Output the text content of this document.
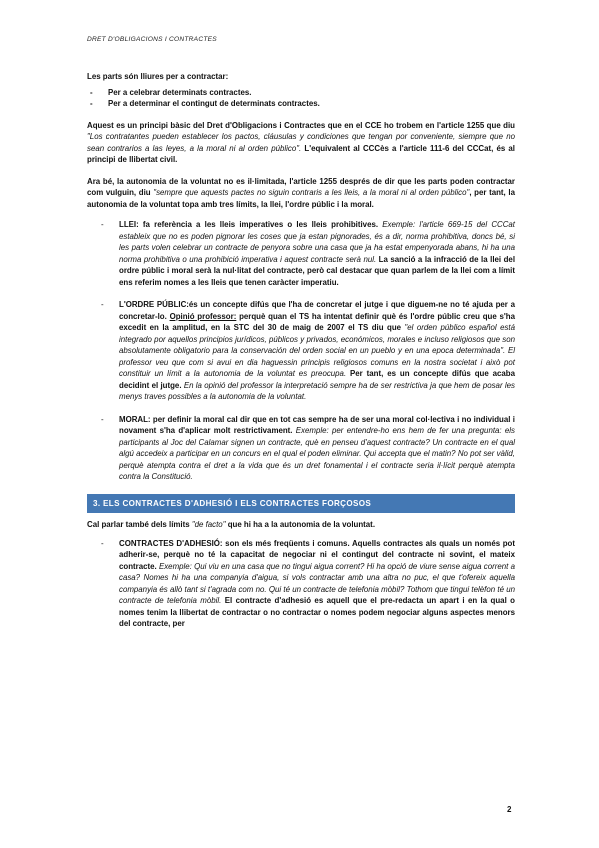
DRET D'OBLIGACIONS I CONTRACTES

Les parts són lliures per a contractar:

- Per a celebrar determinats contractes.
- Per a determinar el contingut de determinats contractes.

Aquest es un principi bàsic del Dret d'Obligacions i Contractes que en el CCE ho trobem en l'article 1255 que diu "Los contratantes pueden establecer los pactos, cláusulas y condiciones que tengan por conveniente, siempre que no sean contrarios a las leyes, a la moral ni al orden público". L'equivalent al CCCès a l'article 111-6 del CCCat, és al principi de llibertat civil.

Ara bé, la autonomia de la voluntat no es il·limitada, l'article 1255 després de dir que les parts poden contractar com vulguin, diu "sempre que aquests pactes no siguin contraris a les lleis, a la moral ni al orden público", per tant, la autonomia de la voluntat topa amb tres límits, la llei, l'ordre públic i la moral.

- LLEI: fa referència a les lleis imperatives o les lleis prohibitives. Exemple: l'article 669-15 del CCCat estableix que no es poden pignorar les coses que ja estan pignorades, és a dir, norma prohibitiva, doncs bé, si les parts volen celebrar un contracte de penyora sobre una casa que ja ha estat empenyorada abans, hi ha una norma prohibitiva o una prohibició imperativa i aquest contracte serà nul. La sanció a la infracció de la llei del ordre públic i moral serà la nul·litat del contracte, però cal destacar que quan parlem de la llei com a límit ens referim nomes a les lleis que tenen caràcter imperatiu.
- L'ORDRE PÚBLIC:és un concepte difús que l'ha de concretar el jutge i que diguem-ne no té ajuda per a concretar-lo. Opinió professor: perquè quan el TS ha intentat definir què és l'ordre públic creu que s'ha excedit en la amplitud, en la STC del 30 de maig de 2007 el TS diu que "el orden público español está integrado por aquellos principios jurídicos, públicos y privados, económicos, morales e incluso religiosos que son absolutamente obligatorio para la conservación del orden social en un pueblo y en una epoca determinada". El professor veu que com si avui en dia haguessin principis religiosos comuns en la nostra societat i això pot constituir un límit a la autonomia de la voluntat es preocupa. Per tant, es un concepte difús que acaba decidint el jutge. En la opinió del professor la interpretació sempre ha de ser restrictiva ja que hem de posar les menys traves possibles a la autonomia de la voluntat.
- MORAL: per definir la moral cal dir que en tot cas sempre ha de ser una moral col·lectiva i no individual i novament s'ha d'aplicar molt restrictivament. Exemple: per entendre-ho ens hem de fer una pregunta: els participants al Joc del Calamar signen un contracte, què en penseu d'aquest contracte? Un contracte en el qual algú accedeix a participar en un concurs en el qual el poden eliminar. Qui accepta que el matin? No pot ser vàlid, perquè atempta contra el dret a la vida que és un dret fonamental i el contracte seria il·lícit perquè atempta contra la Constitució.
3. ELS CONTRACTES D'ADHESIÓ I ELS CONTRACTES FORÇOSOS

Cal parlar també dels límits "de facto" que hi ha a la autonomia de la voluntat.

- CONTRACTES D'ADHESIÓ: son els més freqüents i comuns. Aquells contractes als quals un només pot adherir-se, perquè no té la capacitat de negociar ni el contingut del contracte ni sovint, el mateix contracte. Exemple: Qui viu en una casa que no tingui aigua corrent? Hi ha opció de viure sense aigua corrent a casa? Nomes hi ha una companyia d'aigua, si vols contractar amb una altra no puc, el que t'ofereix aquella companyia és allò tant si t'agrada com no. Qui té un contracte de telefonia mòbil? Tothom que tingui telèfon té un contracte de telefonia mòbil. El contracte d'adhesió es aquell que el pre-redacta un apart i en la qual o nomes tenim la llibertat de contractar o no contractar o nomes podem negociar alguns aspectes menors del contracte, per
2
